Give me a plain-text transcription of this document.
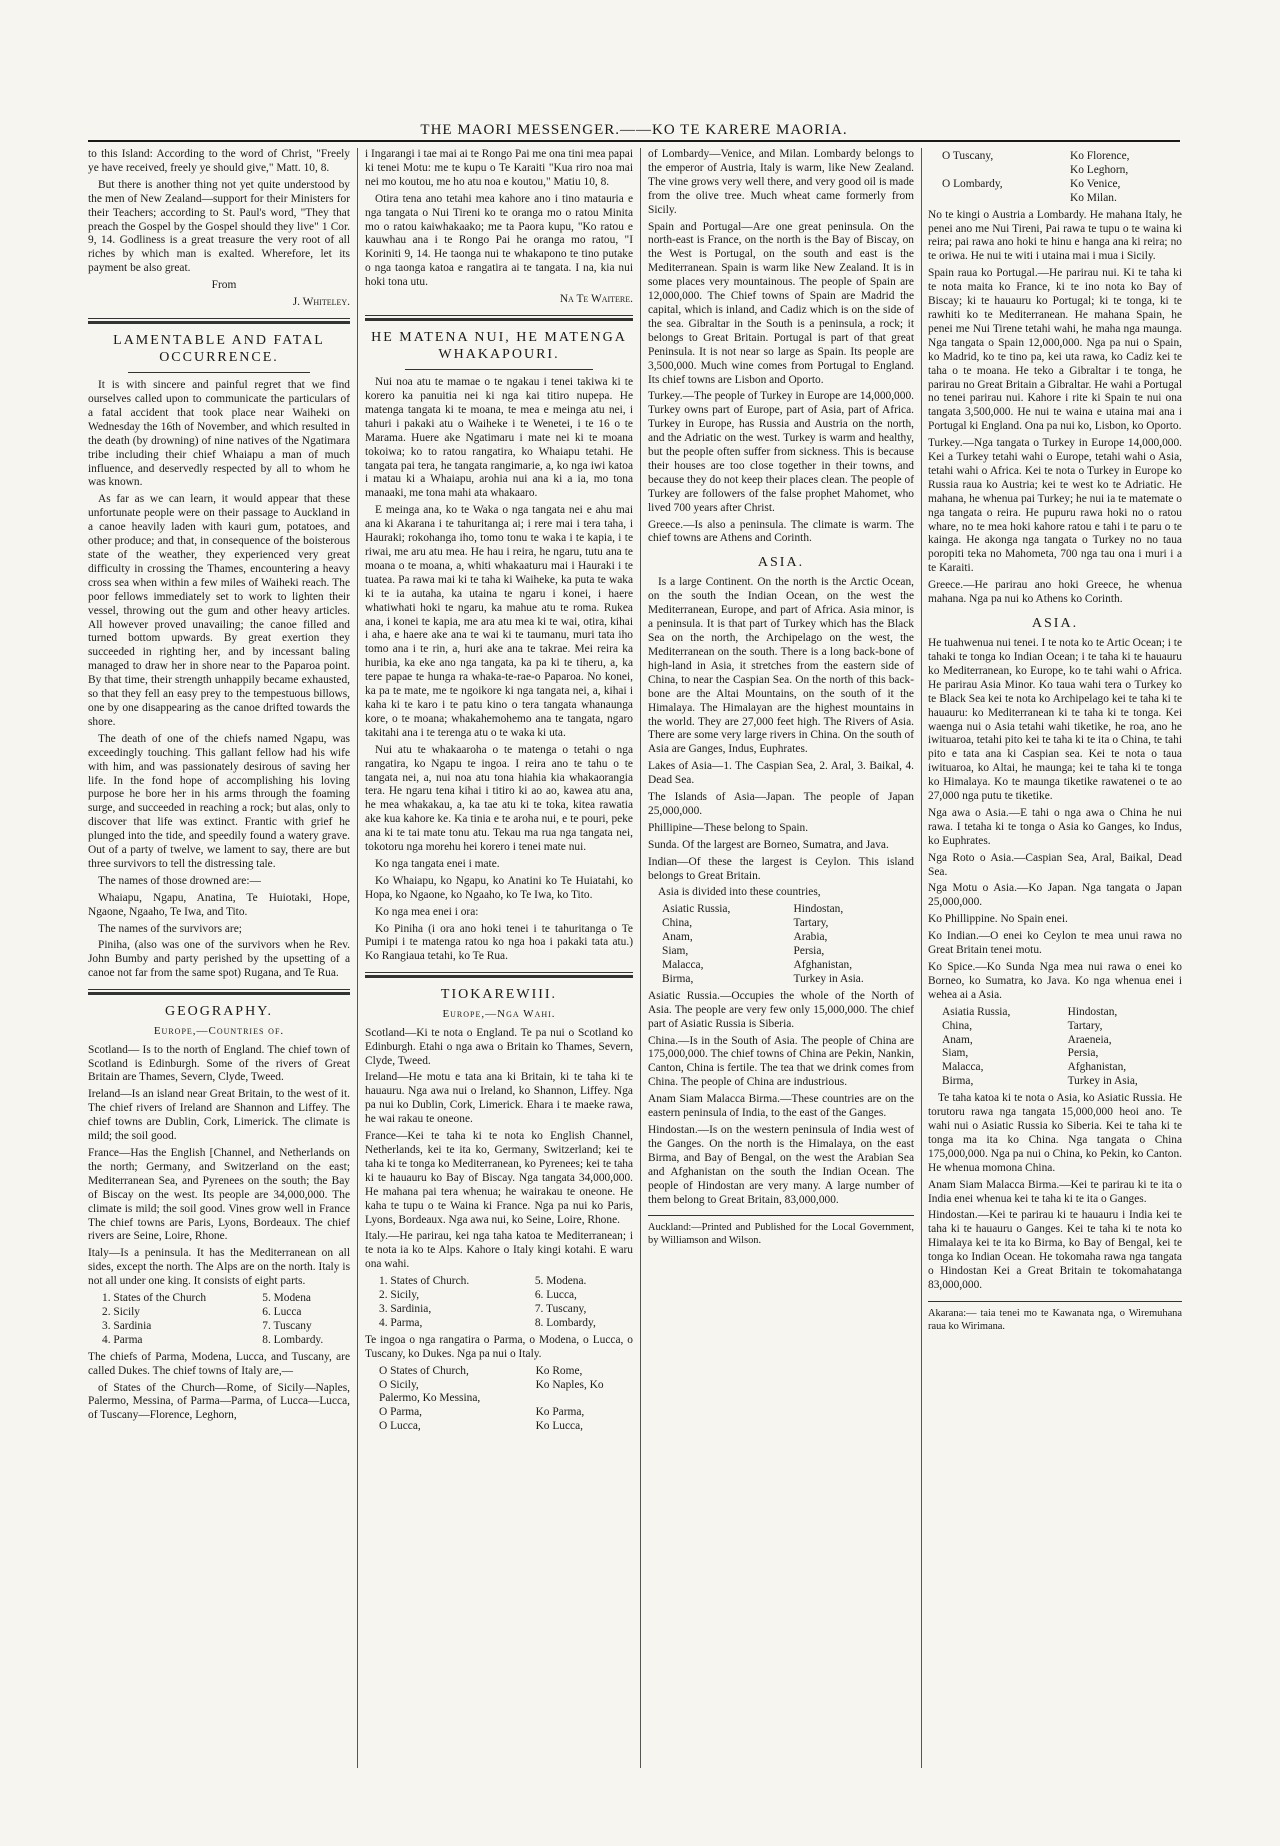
THE MAORI MESSENGER.——KO TE KARERE MAORIA.

to this Island: According to the word of Christ, "Freely ye have received, freely ye should give," Matt. 10, 8.

But there is another thing not yet quite understood by the men of New Zealand—support for their Ministers for their Teachers; according to St. Paul's word, "They that preach the Gospel by the Gospel should they live" 1 Cor. 9, 14. Godliness is a great treasure the very root of all riches by which man is exalted. Wherefore, let its payment be also great.

From

J. Whiteley.

LAMENTABLE AND FATAL OCCURRENCE.

It is with sincere and painful regret that we find ourselves called upon to communicate the particulars of a fatal accident that took place near Waiheki on Wednesday the 16th of November, and which resulted in the death (by drowning) of nine natives of the Ngatimara tribe including their chief Whaiapu a man of much influence, and deservedly respected by all to whom he was known.

As far as we can learn, it would appear that these unfortunate people were on their passage to Auckland in a canoe heavily laden with kauri gum, potatoes, and other produce; and that, in consequence of the boisterous state of the weather, they experienced very great difficulty in crossing the Thames, encountering a heavy cross sea when within a few miles of Waiheki reach. The poor fellows immediately set to work to lighten their vessel, throwing out the gum and other heavy articles. All however proved unavailing; the canoe filled and turned bottom upwards. By great exertion they succeeded in righting her, and by incessant baling managed to draw her in shore near to the Paparoa point. By that time, their strength unhappily became exhausted, so that they fell an easy prey to the tempestuous billows, one by one disappearing as the canoe drifted towards the shore.

The death of one of the chiefs named Ngapu, was exceedingly touching. This gallant fellow had his wife with him, and was passionately desirous of saving her life. In the fond hope of accomplishing his loving purpose he bore her in his arms through the foaming surge, and succeeded in reaching a rock; but alas, only to discover that life was extinct. Frantic with grief he plunged into the tide, and speedily found a watery grave. Out of a party of twelve, we lament to say, there are but three survivors to tell the distressing tale.

The names of those drowned are:—

Whaiapu, Ngapu, Anatina, Te Huiotaki, Hope, Ngaone, Ngaaho, Te Iwa, and Tito.

The names of the survivors are;

Piniha, (also was one of the survivors when he Rev. John Bumby and party perished by the upsetting of a canoe not far from the same spot) Rugana, and Te Rua.

GEOGRAPHY.
Europe,—Countries of.

Scotland— Is to the north of England. The chief town of Scotland is Edinburgh. Some of the rivers of Great Britain are Thames, Severn, Clyde, Tweed.

Ireland—Is an island near Great Britain, to the west of it. The chief rivers of Ireland are Shannon and Liffey. The chief towns are Dublin, Cork, Limerick. The climate is mild; the soil good.

France—Has the English [Channel, and Netherlands on the north; Germany, and Switzerland on the east; Mediterranean Sea, and Pyrenees on the south; the Bay of Biscay on the west. Its people are 34,000,000. The climate is mild; the soil good. Vines grow well in France The chief towns are Paris, Lyons, Bordeaux. The chief rivers are Seine, Loire, Rhone.

Italy—Is a peninsula. It has the Mediterranean on all sides, except the north. The Alps are on the north. Italy is not all under one king. It consists of eight parts.

1. States of the Church	5. Modena
2. Sicily	6. Lucca
3. Sardinia	7. Tuscany
4. Parma	8. Lombardy.

The chiefs of Parma, Modena, Lucca, and Tuscany, are called Dukes. The chief towns of Italy are,—

of States of the Church—Rome, of Sicily—Naples, Palermo, Messina, of Parma—Parma, of Lucca—Lucca, of Tuscany—Florence, Leghorn,

i Ingarangi i tae mai ai te Rongo Pai me ona tini mea papai ki tenei Motu: me te kupu o Te Karaiti "Kua riro noa mai nei mo koutou, me ho atu noa e koutou," Matiu 10, 8.

Otira tena ano tetahi mea kahore ano i tino matauria e nga tangata o Nui Tireni ko te oranga mo o ratou Minita mo o ratou kaiwhakaako; me ta Paora kupu, "Ko ratou e kauwhau ana i te Rongo Pai he oranga mo ratou, "I Koriniti 9, 14. He taonga nui te whakapono te tino putake o nga taonga katoa e rangatira ai te tangata. I na, kia nui hoki tona utu.

Na Te Waitere.

HE MATENA NUI, HE MATENGA WHAKAPOURI.

Nui noa atu te mamae o te ngakau i tenei takiwa ki te korero ka panuitia nei ki nga kai titiro nupepa. He matenga tangata ki te moana, te mea e meinga atu nei, i tahuri i pakaki atu o Waiheke i te Wenetei, i te 16 o te Marama. Huere ake Ngatimaru i mate nei ki te moana tokoiwa; ko to ratou rangatira, ko Whaiapu tetahi. He tangata pai tera, he tangata rangimarie, a, ko nga iwi katoa i matau ki a Whaiapu, arohia nui ana ki a ia, mo tona manaaki, me tona mahi ata whakaaro.

E meinga ana, ko te Waka o nga tangata nei e ahu mai ana ki Akarana i te tahuritanga ai; i rere mai i tera taha, i Hauraki; rokohanga iho, tomo tonu te waka i te kapia, i te riwai, me aru atu mea. He hau i reira, he ngaru, tutu ana te moana o te moana, a, whiti whakaaturu mai i Hauraki i te tuatea. Pa rawa mai ki te taha ki Waiheke, ka puta te waka ki te ia autaha, ka utaina te ngaru i konei, i haere whatiwhati hoki te ngaru, ka mahue atu te roma. Rukea ana, i konei te kapia, me ara atu mea ki te wai, otira, kihai i aha, e haere ake ana te wai ki te taumanu, muri tata iho tomo ana i te rin, a, huri ake ana te takrae. Mei reira ka huribia, ka eke ano nga tangata, ka pa ki te tiheru, a, ka tere papae te hunga ra whaka-te-rae-o Paparoa. No konei, ka pa te mate, me te ngoikore ki nga tangata nei, a, kihai i kaha ki te karo i te patu kino o tera tangata whanaunga kore, o te moana; whakahemohemo ana te tangata, ngaro takitahi ana i te terenga atu o te waka ki uta.

Nui atu te whakaaroha o te matenga o tetahi o nga rangatira, ko Ngapu te ingoa. I reira ano te tahu o te tangata nei, a, nui noa atu tona hiahia kia whakaorangia tera. He ngaru tena kihai i titiro ki ao ao, kawea atu ana, he mea whakakau, a, ka tae atu ki te toka, kitea rawatia ake kua kahore ke. Ka tinia e te aroha nui, e te pouri, peke ana ki te tai mate tonu atu. Tekau ma rua nga tangata nei, tokotoru nga morehu hei korero i tenei mate nui.

Ko nga tangata enei i mate.

Ko Whaiapu, ko Ngapu, ko Anatini ko Te Huiatahi, ko Hopa, ko Ngaone, ko Ngaaho, ko Te Iwa, ko Tito.

Ko nga mea enei i ora:

Ko Piniha (i ora ano hoki tenei i te tahuritanga o Te Pumipi i te matenga ratou ko nga hoa i pakaki tata atu.) Ko Rangiaua tetahi, ko Te Rua.

TIOKAREWIII.
Europe,—Nga Wahi.

Scotland—Ki te nota o England. Te pa nui o Scotland ko Edinburgh. Etahi o nga awa o Britain ko Thames, Severn, Clyde, Tweed.

Ireland—He motu e tata ana ki Britain, ki te taha ki te hauauru. Nga awa nui o Ireland, ko Shannon, Liffey. Nga pa nui ko Dublin, Cork, Limerick. Ehara i te maeke rawa, he wai rakau te oneone.

France—Kei te taha ki te nota ko English Channel, Netherlands, kei te ita ko, Germany, Switzerland; kei te taha ki te tonga ko Mediterranean, ko Pyrenees; kei te taha ki te hauauru ko Bay of Biscay. Nga tangata 34,000,000. He mahana pai tera whenua; he wairakau te oneone. He kaha te tupu o te Waina ki France. Nga pa nui ko Paris, Lyons, Bordeaux. Nga awa nui, ko Seine, Loire, Rhone.

Italy.—He parirau, kei nga taha katoa te Mediterranean; i te nota ia ko te Alps. Kahore o Italy kingi kotahi. E waru ona wahi.

1. States of Church.	5. Modena.
2. Sicily,	6. Lucca,
3. Sardinia,	7. Tuscany,
4. Parma,	8. Lombardy,

Te ingoa o nga rangatira o Parma, o Modena, o Lucca, o Tuscany, ko Dukes. Nga pa nui o Italy.

O States of Church,	Ko Rome,
O Sicily,	Ko Naples, Ko
Palermo, Ko Messina,	
O Parma,	Ko Parma,
O Lucca,	Ko Lucca,

of Lombardy—Venice, and Milan. Lombardy belongs to the emperor of Austria, Italy is warm, like New Zealand. The vine grows very well there, and very good oil is made from the olive tree. Much wheat came formerly from Sicily.

Spain and Portugal—Are one great peninsula. On the north-east is France, on the north is the Bay of Biscay, on the West is Portugal, on the south and east is the Mediterranean. Spain is warm like New Zealand. It is in some places very mountainous. The people of Spain are 12,000,000. The Chief towns of Spain are Madrid the capital, which is inland, and Cadiz which is on the side of the sea. Gibraltar in the South is a peninsula, a rock; it belongs to Great Britain. Portugal is part of that great Peninsula. It is not near so large as Spain. Its people are 3,500,000. Much wine comes from Portugal to England. Its chief towns are Lisbon and Oporto.

Turkey.—The people of Turkey in Europe are 14,000,000. Turkey owns part of Europe, part of Asia, part of Africa. Turkey in Europe, has Russia and Austria on the north, and the Adriatic on the west. Turkey is warm and healthy, but the people often suffer from sickness. This is because their houses are too close together in their towns, and because they do not keep their places clean. The people of Turkey are followers of the false prophet Mahomet, who lived 700 years after Christ.

Greece.—Is also a peninsula. The climate is warm. The chief towns are Athens and Corinth.

ASIA.

Is a large Continent. On the north is the Arctic Ocean, on the south the Indian Ocean, on the west the Mediterranean, Europe, and part of Africa. Asia minor, is a peninsula. It is that part of Turkey which has the Black Sea on the north, the Archipelago on the west, the Mediterranean on the south. There is a long back-bone of high-land in Asia, it stretches from the eastern side of China, to near the Caspian Sea. On the north of this back-bone are the Altai Mountains, on the south of it the Himalaya. The Himalayan are the highest mountains in the world. They are 27,000 feet high. The Rivers of Asia. There are some very large rivers in China. On the south of Asia are Ganges, Indus, Euphrates.

Lakes of Asia—1. The Caspian Sea, 2. Aral, 3. Baikal, 4. Dead Sea.

The Islands of Asia—Japan. The people of Japan 25,000,000.

Phillipine—These belong to Spain.

Sunda. Of the largest are Borneo, Sumatra, and Java.

Indian—Of these the largest is Ceylon. This island belongs to Great Britain.

Asia is divided into these countries,

Asiatic Russia,	Hindostan,
China,	Tartary,
Anam,	Arabia,
Siam,	Persia,
Malacca,	Afghanistan,
Birma,	Turkey in Asia.

Asiatic Russia.—Occupies the whole of the North of Asia. The people are very few only 15,000,000. The chief part of Asiatic Russia is Siberia.

China.—Is in the South of Asia. The people of China are 175,000,000. The chief towns of China are Pekin, Nankin, Canton, China is fertile. The tea that we drink comes from China. The people of China are industrious.

Anam Siam Malacca Birma.—These countries are on the eastern peninsula of India, to the east of the Ganges.

Hindostan.—Is on the western peninsula of India west of the Ganges. On the north is the Himalaya, on the east Birma, and Bay of Bengal, on the west the Arabian Sea and Afghanistan on the south the Indian Ocean. The people of Hindostan are very many. A large number of them belong to Great Britain, 83,000,000.

Auckland:—Printed and Published for the Local Government, by Williamson and Wilson.
O Tuscany,	Ko Florence,
	Ko Leghorn,
O Lombardy,	Ko Venice,
	Ko Milan.

No te kingi o Austria a Lombardy. He mahana Italy, he penei ano me Nui Tireni, Pai rawa te tupu o te waina ki reira; pai rawa ano hoki te hinu e hanga ana ki reira; no te oriwa. He nui te witi i utaina mai i mua i Sicily.

Spain raua ko Portugal.—He parirau nui. Ki te taha ki te nota maita ko France, ki te ino nota ko Bay of Biscay; ki te hauauru ko Portugal; ki te tonga, ki te rawhiti ko te Mediterranean. He mahana Spain, he penei me Nui Tirene tetahi wahi, he maha nga maunga. Nga tangata o Spain 12,000,000. Nga pa nui o Spain, ko Madrid, ko te tino pa, kei uta rawa, ko Cadiz kei te taha o te moana. He teko a Gibraltar i te tonga, he parirau no Great Britain a Gibraltar. He wahi a Portugal no tenei parirau nui. Kahore i rite ki Spain te nui ona tangata 3,500,000. He nui te waina e utaina mai ana i Portugal ki England. Ona pa nui ko, Lisbon, ko Oporto.

Turkey.—Nga tangata o Turkey in Europe 14,000,000. Kei a Turkey tetahi wahi o Europe, tetahi wahi o Asia, tetahi wahi o Africa. Kei te nota o Turkey in Europe ko Russia raua ko Austria; kei te west ko te Adriatic. He mahana, he whenua pai Turkey; he nui ia te matemate o nga tangata o reira. He pupuru rawa hoki no o ratou whare, no te mea hoki kahore ratou e tahi i te paru o te kainga. He akonga nga tangata o Turkey no no taua poropiti teka no Mahometa, 700 nga tau ona i muri i a te Karaiti.

Greece.—He parirau ano hoki Greece, he whenua mahana. Nga pa nui ko Athens ko Corinth.

ASIA.

He tuahwenua nui tenei. I te nota ko te Artic Ocean; i te tahaki te tonga ko Indian Ocean; i te taha ki te hauauru ko Mediterranean, ko Europe, ko te tahi wahi o Africa. He parirau Asia Minor. Ko taua wahi tera o Turkey ko te Black Sea kei te nota ko Archipelago kei te taha ki te hauauru: ko Mediterranean ki te taha ki te tonga. Kei waenga nui o Asia tetahi wahi tiketike, he roa, ano he iwituaroa, tetahi pito kei te taha ki te ita o China, te tahi pito e tata ana ki Caspian sea. Kei te nota o taua iwituaroa, ko Altai, he maunga; kei te taha ki te tonga ko Himalaya. Ko te maunga tiketike rawatenei o te ao 27,000 nga putu te tiketike.

Nga awa o Asia.—E tahi o nga awa o China he nui rawa. I tetaha ki te tonga o Asia ko Ganges, ko Indus, ko Euphrates.

Nga Roto o Asia.—Caspian Sea, Aral, Baikal, Dead Sea.

Nga Motu o Asia.—Ko Japan. Nga tangata o Japan 25,000,000.

Ko Phillippine. No Spain enei.

Ko Indian.—O enei ko Ceylon te mea unui rawa no Great Britain tenei motu.

Ko Spice.—Ko Sunda Nga mea nui rawa o enei ko Borneo, ko Sumatra, ko Java. Ko nga whenua enei i wehea ai a Asia.

Asiatia Russia,	Hindostan,
China,	Tartary,
Anam,	Araeneia,
Siam,	Persia,
Malacca,	Afghanistan,
Birma,	Turkey in Asia,

Te taha katoa ki te nota o Asia, ko Asiatic Russia. He torutoru rawa nga tangata 15,000,000 heoi ano. Te wahi nui o Asiatic Russia ko Siberia. Kei te taha ki te tonga ma ita ko China. Nga tangata o China 175,000,000. Nga pa nui o China, ko Pekin, ko Canton. He whenua momona China.

Anam Siam Malacca Birma.—Kei te parirau ki te ita o India enei whenua kei te taha ki te ita o Ganges.

Hindostan.—Kei te parirau ki te hauauru i India kei te taha ki te hauauru o Ganges. Kei te taha ki te nota ko Himalaya kei te ita ko Birma, ko Bay of Bengal, kei te tonga ko Indian Ocean. He tokomaha rawa nga tangata o Hindostan Kei a Great Britain te tokomahatanga 83,000,000.

Akarana:— taia tenei mo te Kawanata nga, o Wiremuhana raua ko Wirimana.
